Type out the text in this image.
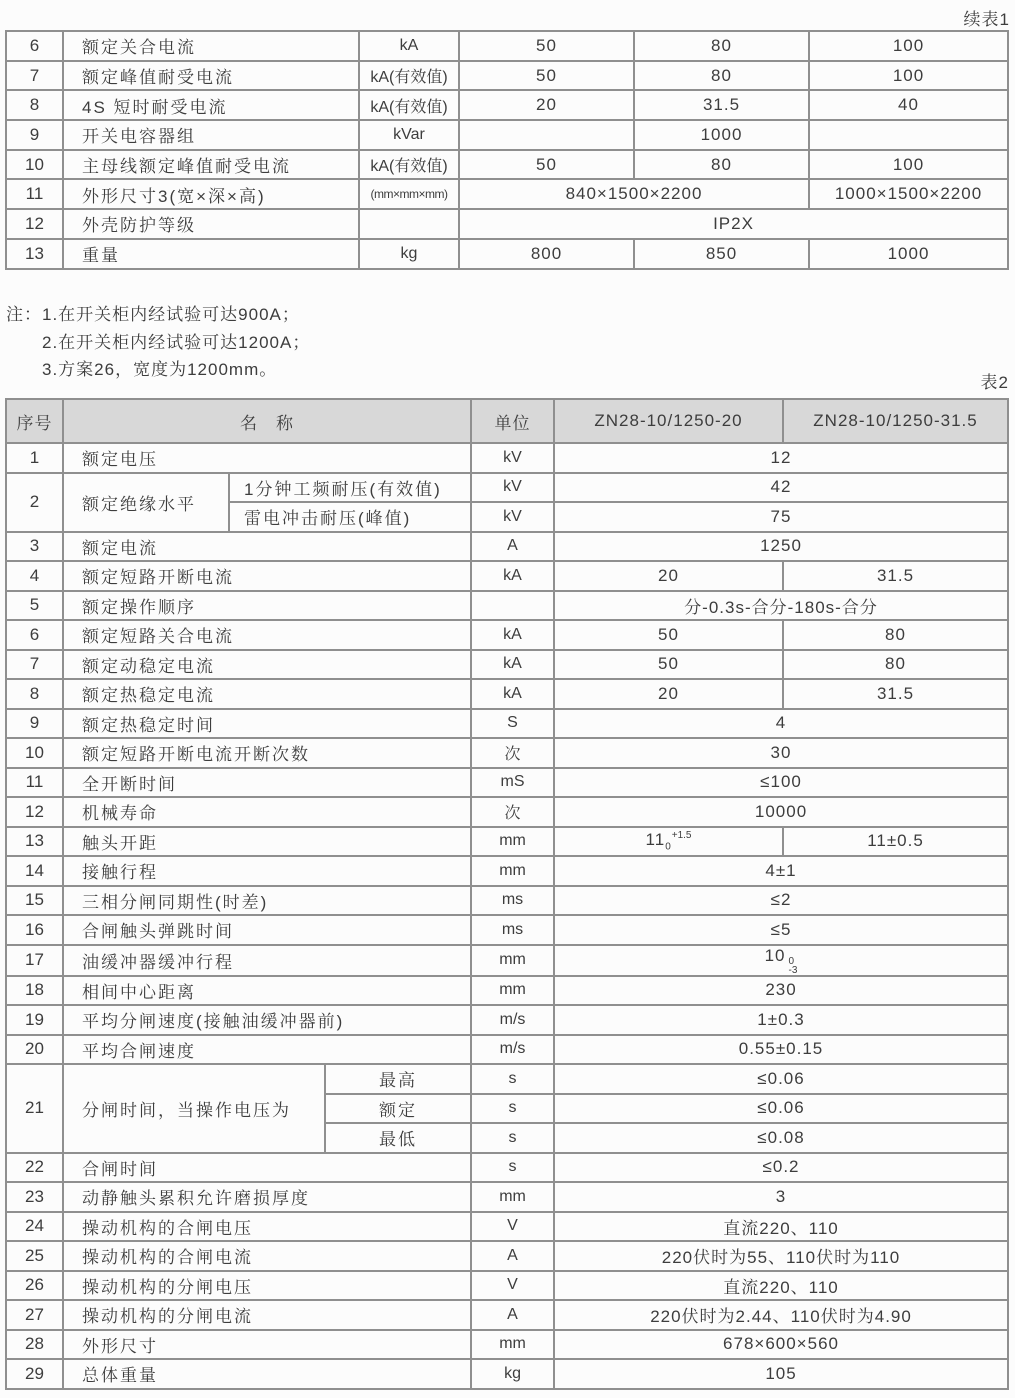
续表1
6	额定关合电流	kA	50	80	100
7	额定峰值耐受电流	kA(有效值)	50	80	100
8	4S 短时耐受电流	kA(有效值)	20	31.5	40
9	开关电容器组	kVar		1000	
10	主母线额定峰值耐受电流	kA(有效值)	50	80	100
11	外形尺寸3(宽×深×高)	(mm×mm×mm)	840×1500×2200		1000×1500×2200
12	外壳防护等级		IP2X		
13	重量	kg	800	850	1000
注：1.在开关柜内经试验可达900A；
2.在开关柜内经试验可达1200A；
3.方案26，宽度为1200mm。
表2
序号	名　称			单位	ZN28-10/1250-20	ZN28-10/1250-31.5
1	额定电压			kV	12	
2	额定绝缘水平	1分钟工频耐压(有效值)		kV	42	
		雷电冲击耐压(峰值)		kV	75	
3	额定电流			A	1250	
4	额定短路开断电流			kA	20	31.5
5	额定操作顺序				分-0.3s-合分-180s-合分	
6	额定短路关合电流			kA	50	80
7	额定动稳定电流			kA	50	80
8	额定热稳定电流			kA	20	31.5
9	额定热稳定时间			S	4	
10	额定短路开断电流开断次数			次	30	
11	全开断时间			mS	≤100	
12	机械寿命			次	10000	
13	触头开距			mm	$11_0^{+1.5}$	11±0.5
14	接触行程			mm	4±1	
15	三相分闸同期性(时差)			ms	≤2	
16	合闸触头弹跳时间			ms	≤5	
17	油缓冲器缓冲行程			mm	10 0
-3	

18	相间中心距离			mm	230	
19	平均分闸速度(接触油缓冲器前)			m/s	1±0.3	
20	平均合闸速度			m/s	0.55±0.15	
21	分闸时间，当操作电压为		最高	s	≤0.06	
			额定	s	≤0.06	
			最低	s	≤0.08	
22	合闸时间			s	≤0.2	
23	动静触头累积允许磨损厚度			mm	3	
24	操动机构的合闸电压			V	直流220、110	
25	操动机构的合闸电流			A	220伏时为55、110伏时为110	
26	操动机构的分闸电压			V	直流220、110	
27	操动机构的分闸电流			A	220伏时为2.44、110伏时为4.90	
28	外形尺寸			mm	678×600×560	
29	总体重量			kg	105	
